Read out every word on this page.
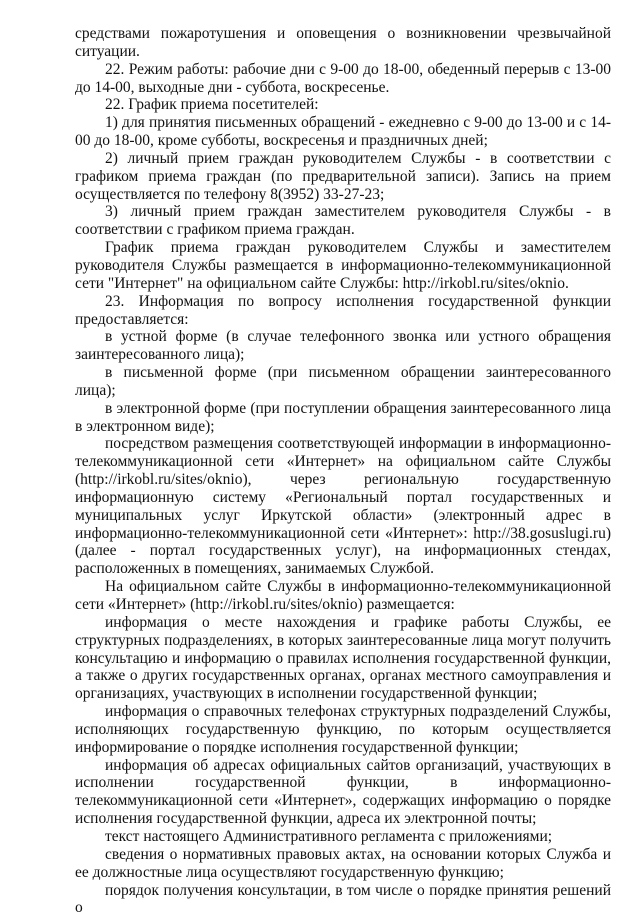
средствами пожаротушения и оповещения о возникновении чрезвычайной ситуации.

22. Режим работы: рабочие дни с 9-00 до 18-00, обеденный перерыв с 13-00 до 14-00, выходные дни - суббота, воскресенье.

22. График приема посетителей:

1) для принятия письменных обращений - ежедневно с 9-00 до 13-00 и с 14-00 до 18-00, кроме субботы, воскресенья и праздничных дней;

2) личный прием граждан руководителем Службы - в соответствии с графиком приема граждан (по предварительной записи). Запись на прием осуществляется по телефону 8(3952) 33-27-23;

3) личный прием граждан заместителем руководителя Службы - в соответствии с графиком приема граждан.

График приема граждан руководителем Службы и заместителем руководителя Службы размещается в информационно-телекоммуникационной сети "Интернет" на официальном сайте Службы: http://irkobl.ru/sites/oknio.

23. Информация по вопросу исполнения государственной функции предоставляется:

в устной форме (в случае телефонного звонка или устного обращения заинтересованного лица);

в письменной форме (при письменном обращении заинтересованного лица);

в электронной форме (при поступлении обращения заинтересованного лица в электронном виде);

посредством размещения соответствующей информации в информационно-телекоммуникационной сети «Интернет» на официальном сайте Службы (http://irkobl.ru/sites/oknio), через региональную государственную информационную систему «Региональный портал государственных и муниципальных услуг Иркутской области» (электронный адрес в информационно-телекоммуникационной сети «Интернет»: http://38.gosuslugi.ru) (далее - портал государственных услуг), на информационных стендах, расположенных в помещениях, занимаемых Службой.

На официальном сайте Службы в информационно-телекоммуникационной сети «Интернет» (http://irkobl.ru/sites/oknio) размещается:

информация о месте нахождения и графике работы Службы, ее структурных подразделениях, в которых заинтересованные лица могут получить консультацию и информацию о правилах исполнения государственной функции, а также о других государственных органах, органах местного самоуправления и организациях, участвующих в исполнении государственной функции;

информация о справочных телефонах структурных подразделений Службы, исполняющих государственную функцию, по которым осуществляется информирование о порядке исполнения государственной функции;

информация об адресах официальных сайтов организаций, участвующих в исполнении государственной функции, в информационно-телекоммуникационной сети «Интернет», содержащих информацию о порядке исполнения государственной функции, адреса их электронной почты;

текст настоящего Административного регламента с приложениями;

сведения о нормативных правовых актах, на основании которых Служба и ее должностные лица осуществляют государственную функцию;

порядок получения консультации, в том числе о порядке принятия решений о
